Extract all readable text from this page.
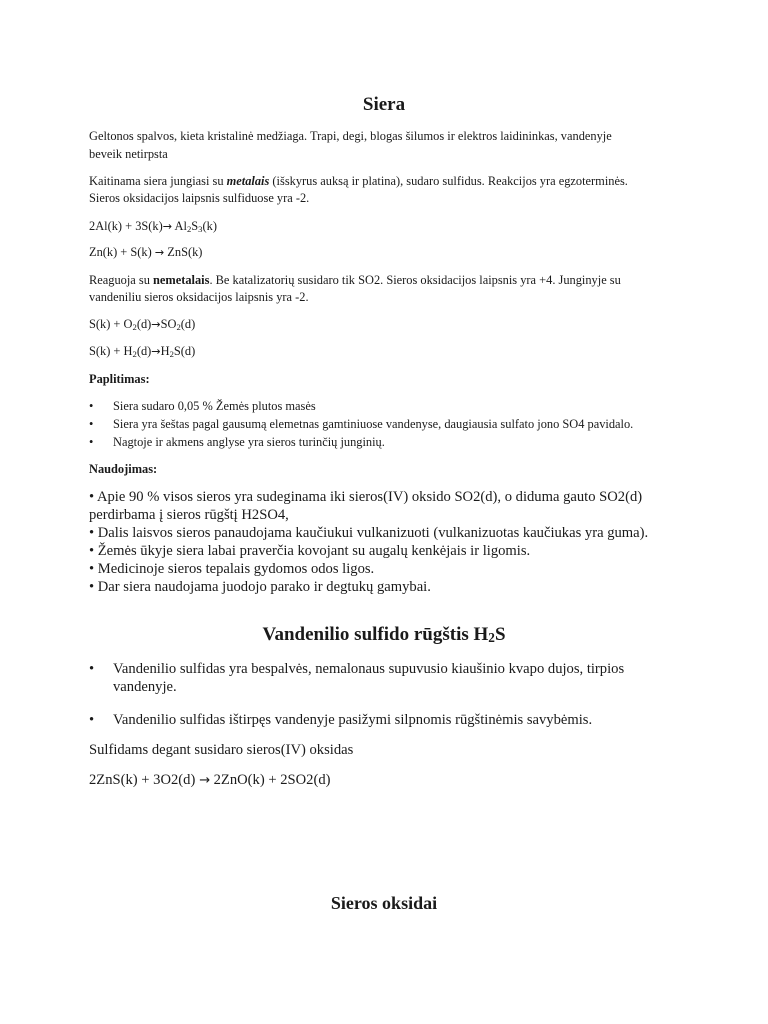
Siera

Geltonos spalvos, kieta kristalinė medžiaga. Trapi, degi, blogas šilumos ir elektros laidininkas, vandenyje

beveik netirpsta

Kaitinama siera jungiasi su metalais (išskyrus auksą ir platina), sudaro sulfidus. Reakcijos yra egzoterminės.

Sieros oksidacijos laipsnis sulfiduose yra -2.

$2Al(k) + 3S(k)\to Al_2S_3(k)$

Zn(k) + S(k) → ZnS(k)

Reaguoja su nemetalais. Be katalizatorių susidaro tik SO2. Sieros oksidacijos laipsnis yra +4. Junginyje su

vandeniliu sieros oksidacijos laipsnis yra -2.

$S(k) + O_2(d)\to SO_2(d)$

$S(k) + H_2(d)\to H_2S(d)$

Paplitimas:

• Siera sudaro 0,05 % Žemės plutos masės
• Siera yra šeštas pagal gausumą elemetnas gamtiniuose vandenyse, daugiausia sulfato jono SO4 pavidalo.
• Nagtoje ir akmens anglyse yra sieros turinčių junginių.

Naudojimas:

• Apie 90 % visos sieros yra sudeginama iki sieros(IV) oksido SO2(d), o diduma gauto SO2(d)
perdirbama į sieros rūgštį H2SO4,
• Dalis laisvos sieros panaudojama kaučiukui vulkanizuoti (vulkanizuotas kaučiukas yra guma).
• Žemės ūkyje siera labai praverčia kovojant su augalų kenkėjais ir ligomis.
• Medicinoje sieros tepalais gydomos odos ligos.
• Dar siera naudojama juodojo parako ir degtukų gamybai.
Vandenilio sulfido rūgštis $H_2S$
• Vandenilio sulfidas yra bespalvės, nemalonaus supuvusio kiaušinio kvapo dujos, tirpios
vandenyje.
• Vandenilio sulfidas ištirpęs vandenyje pasižymi silpnomis rūgštinėmis savybėmis.

Sulfidams degant susidaro sieros(IV) oksidas

2ZnS(k) + 3O2(d) → 2ZnO(k) + 2SO2(d)

Sieros oksidai
